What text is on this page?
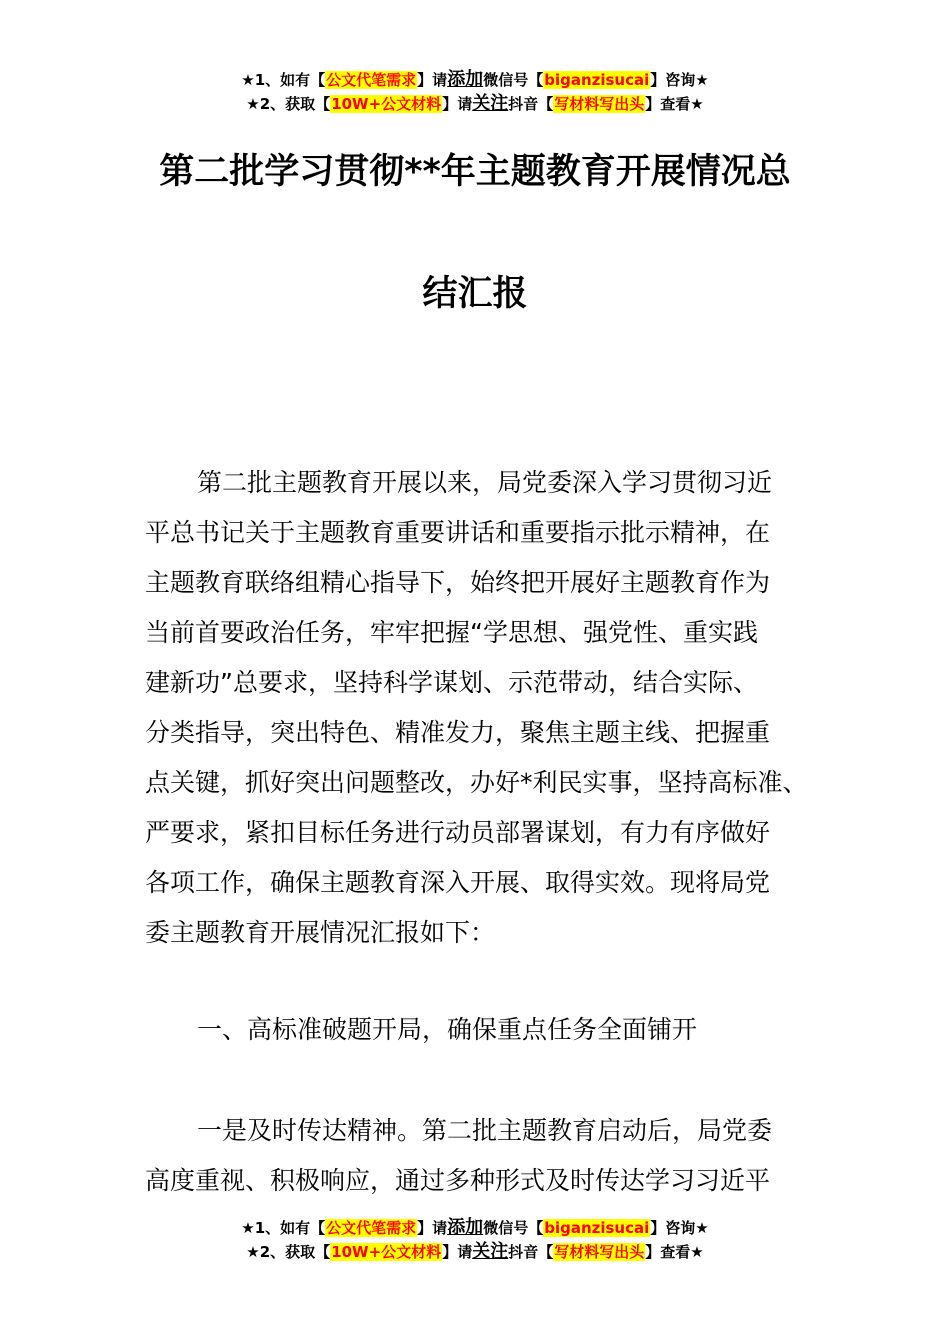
★1、如有【公文代笔需求】请添加微信号【biganzisucai】咨询★
★2、获取【10W+公文材料】请关注抖音【写材料写出头】查看★
第二批学习贯彻**年主题教育开展情况总
结汇报
第二批主题教育开展以来，局党委深入学习贯彻习近
平总书记关于主题教育重要讲话和重要指示批示精神，在
主题教育联络组精心指导下，始终把开展好主题教育作为
当前首要政治任务，牢牢把握“学思想、强党性、重实践
建新功”总要求，坚持科学谋划、示范带动，结合实际、
分类指导，突出特色、精准发力，聚焦主题主线、把握重
点关键，抓好突出问题整改，办好*利民实事，坚持高标准、
严要求，紧扣目标任务进行动员部署谋划，有力有序做好
各项工作，确保主题教育深入开展、取得实效。现将局党
委主题教育开展情况汇报如下：
一、高标准破题开局，确保重点任务全面铺开
一是及时传达精神。第二批主题教育启动后，局党委
高度重视、积极响应，通过多种形式及时传达学习习近平
★1、如有【公文代笔需求】请添加微信号【biganzisucai】咨询★
★2、获取【10W+公文材料】请关注抖音【写材料写出头】查看★
